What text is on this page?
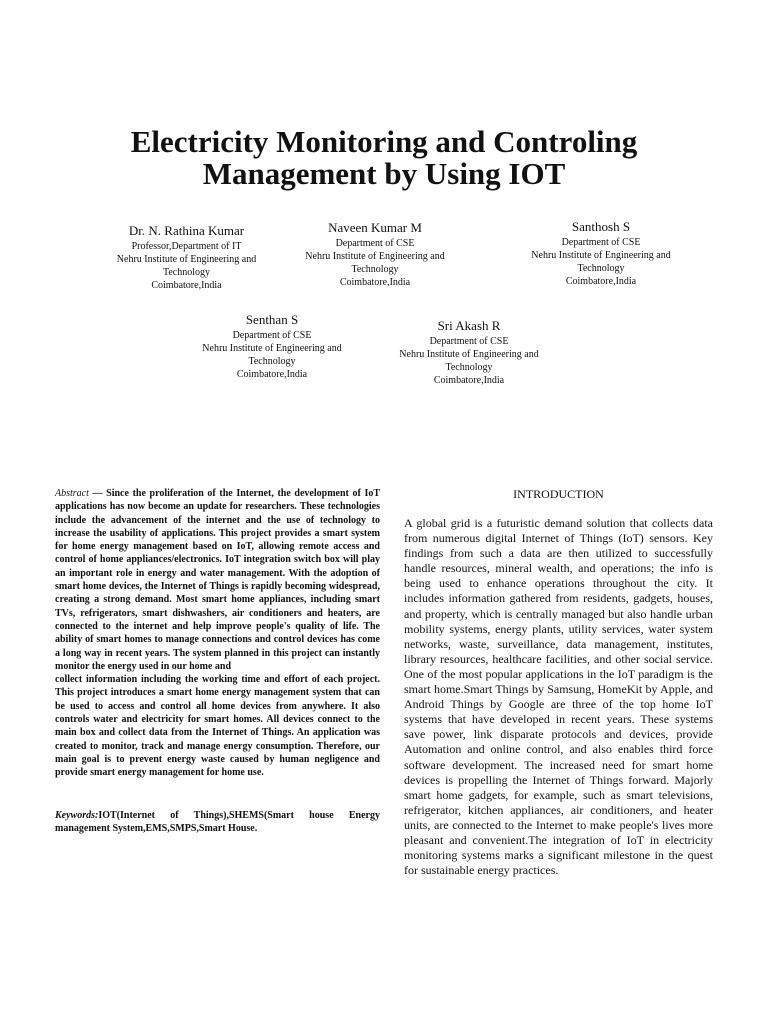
Electricity Monitoring and Controling
Management by Using IOT
Dr. N. Rathina Kumar
Professor,Department of IT
Nehru Institute of Engineering and
Technology
Coimbatore,India
Naveen Kumar M
Department of CSE
Nehru Institute of Engineering and
Technology
Coimbatore,India
Santhosh S
Department of CSE
Nehru Institute of Engineering and
Technology
Coimbatore,India
Senthan S
Department of CSE
Nehru Institute of Engineering and
Technology
Coimbatore,India
Sri Akash R
Department of CSE
Nehru Institute of Engineering and
Technology
Coimbatore,India

Abstract — Since the proliferation of the Internet, the development of IoT applications has now become an update for researchers. These technologies include the advancement of the internet and the use of technology to increase the usability of applications. This project provides a smart system for home energy management based on IoT, allowing remote access and control of home appliances/electronics. IoT integration switch box will play an important role in energy and water management. With the adoption of smart home devices, the Internet of Things is rapidly becoming widespread, creating a strong demand. Most smart home appliances, including smart TVs, refrigerators, smart dishwashers, air conditioners and heaters, are connected to the internet and help improve people's quality of life. The ability of smart homes to manage connections and control devices has come a long way in recent years. The system planned in this project can instantly monitor the energy used in our home and

collect information including the working time and effort of each project. This project introduces a smart home energy management system that can be used to access and control all home devices from anywhere. It also controls water and electricity for smart homes. All devices connect to the main box and collect data from the Internet of Things. An application was created to monitor, track and manage energy consumption. Therefore, our main goal is to prevent energy waste caused by human negligence and provide smart energy management for home use.

Keywords:IOT(Internet of Things),SHEMS(Smart house Energy management System,EMS,SMPS,Smart House.
INTRODUCTION

A global grid is a futuristic demand solution that collects data from numerous digital Internet of Things (IoT) sensors. Key findings from such a data are then utilized to successfully handle resources, mineral wealth, and operations; the info is being used to enhance operations throughout the city. It includes information gathered from residents, gadgets, houses, and property, which is centrally managed but also handle urban mobility systems, energy plants, utility services, water system networks, waste, surveillance, data management, institutes, library resources, healthcare facilities, and other social service. One of the most popular applications in the IoT paradigm is the smart home.Smart Things by Samsung, HomeKit by Apple, and Android Things by Google are three of the top home IoT systems that have developed in recent years. These systems save power, link disparate protocols and devices, provide Automation and online control, and also enables third force software development. The increased need for smart home devices is propelling the Internet of Things forward. Majorly smart home gadgets, for example, such as smart televisions, refrigerator, kitchen appliances, air conditioners, and heater units, are connected to the Internet to make people's lives more pleasant and convenient.The integration of IoT in electricity monitoring systems marks a significant milestone in the quest for sustainable energy practices.
